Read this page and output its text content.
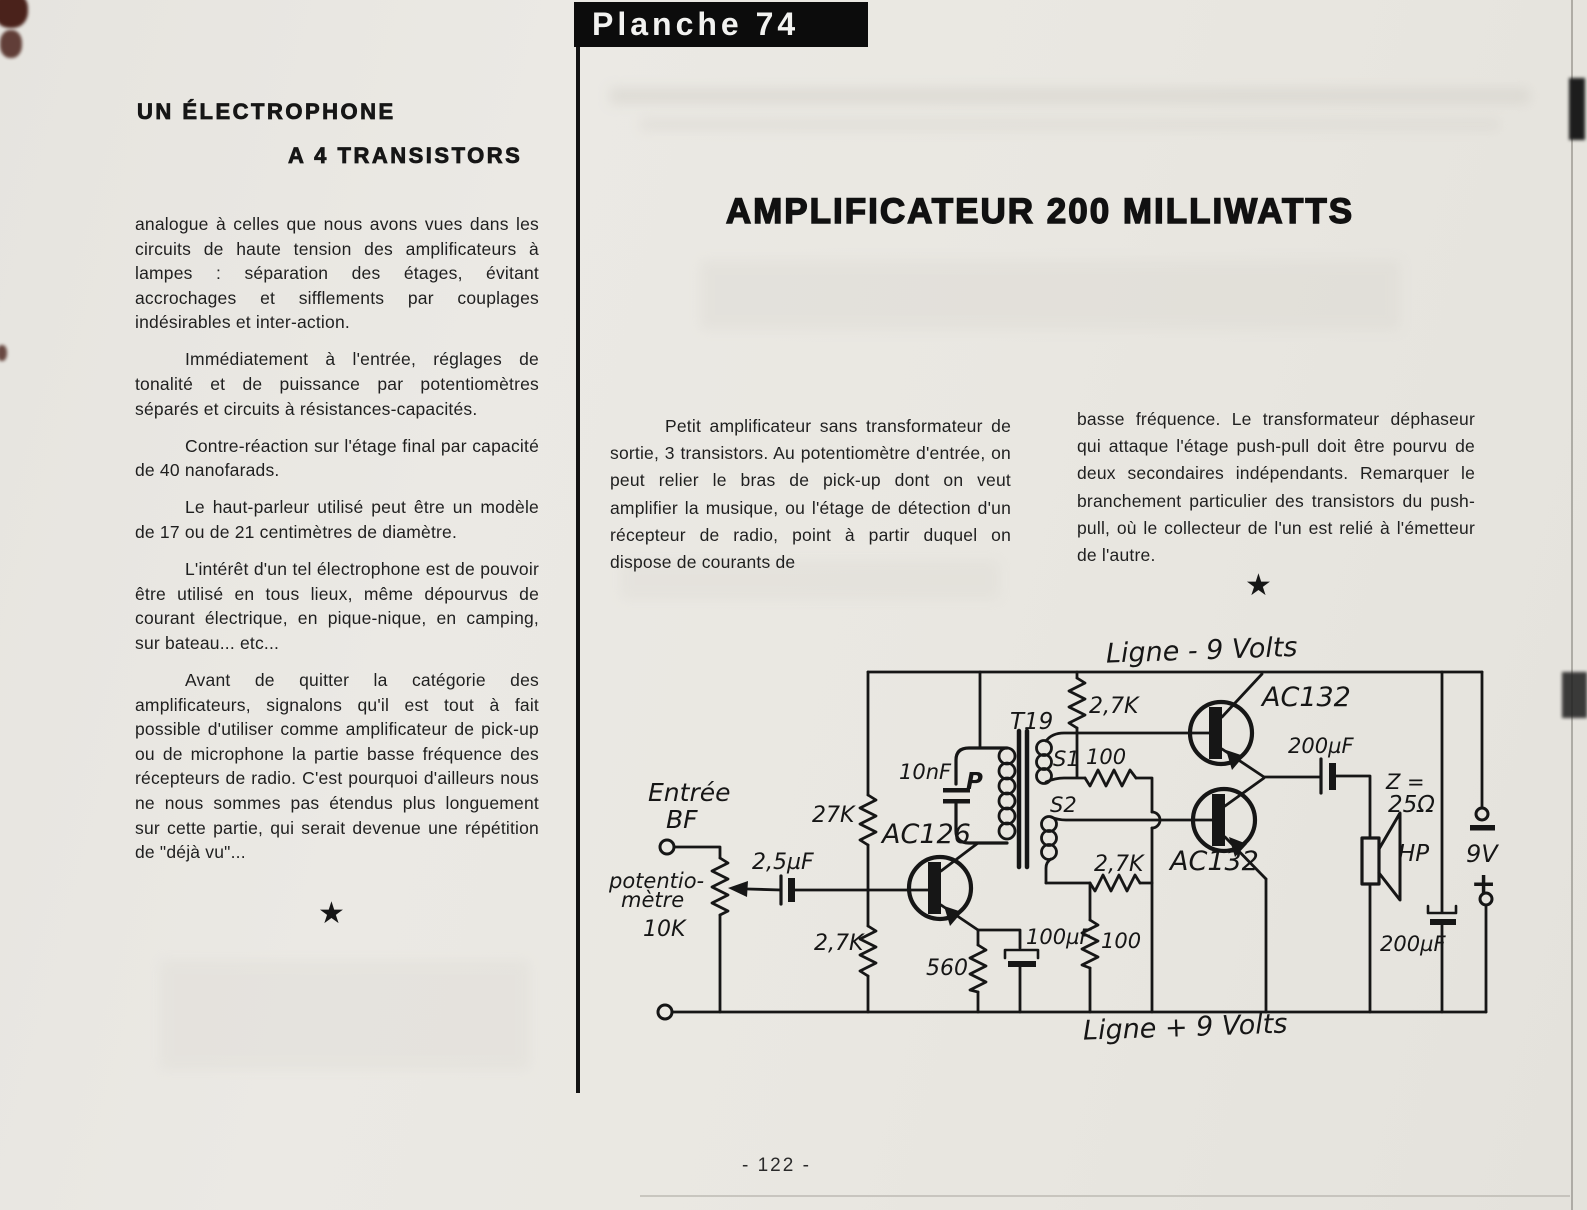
Planche 74
UN ÉLECTROPHONE
A 4 TRANSISTORS

analogue à celles que nous avons vues dans les circuits de haute tension des amplificateurs à lampes : séparation des étages, évitant accrochages et sifflements par couplages indésirables et inter-action.

Immédiatement à l'entrée, réglages de tonalité et de puissance par potentiomètres séparés et circuits à résistances-capacités.

Contre-réaction sur l'étage final par capacité de 40 nanofarads.

Le haut-parleur utilisé peut être un modèle de 17 ou de 21 centimètres de diamètre.

L'intérêt d'un tel électrophone est de pouvoir être utilisé en tous lieux, même dépourvus de courant électrique, en pique-nique, en camping, sur bateau... etc...

Avant de quitter la catégorie des amplificateurs, signalons qu'il est tout à fait possible d'utiliser comme amplificateur de pick-up ou de microphone la partie basse fréquence des récepteurs de radio. C'est pourquoi d'ailleurs nous ne nous sommes pas étendus plus longuement sur cette partie, qui serait devenue une répétition de "déjà vu"...

★
AMPLIFICATEUR 200 MILLIWATTS
Petit amplificateur sans transformateur de sortie, 3 transistors. Au potentiomètre d'entrée, on peut relier le bras de pick-up dont on veut amplifier la musique, ou l'étage de détection d'un récepteur de radio, point à partir duquel on dispose de courants de
basse fréquence. Le transformateur déphaseur qui attaque l'étage push-pull doit être pourvu de deux secondaires indépendants. Remarquer le branchement particulier des transistors du push-pull, où le collecteur de l'un est relié à l'émetteur de l'autre.
★
Ligne - 9 Volts
Ligne + 9 Volts
Entrée
BF
potentio-
mètre
10K
2,5µF
27K
AC126
2,7K
560
10nF P
T19
S1 100
2,7K
S2
2,7K
100
100µF
AC132
AC132
200µF
Z =
25Ω
HP 9V
+
200µF
- 122 -
